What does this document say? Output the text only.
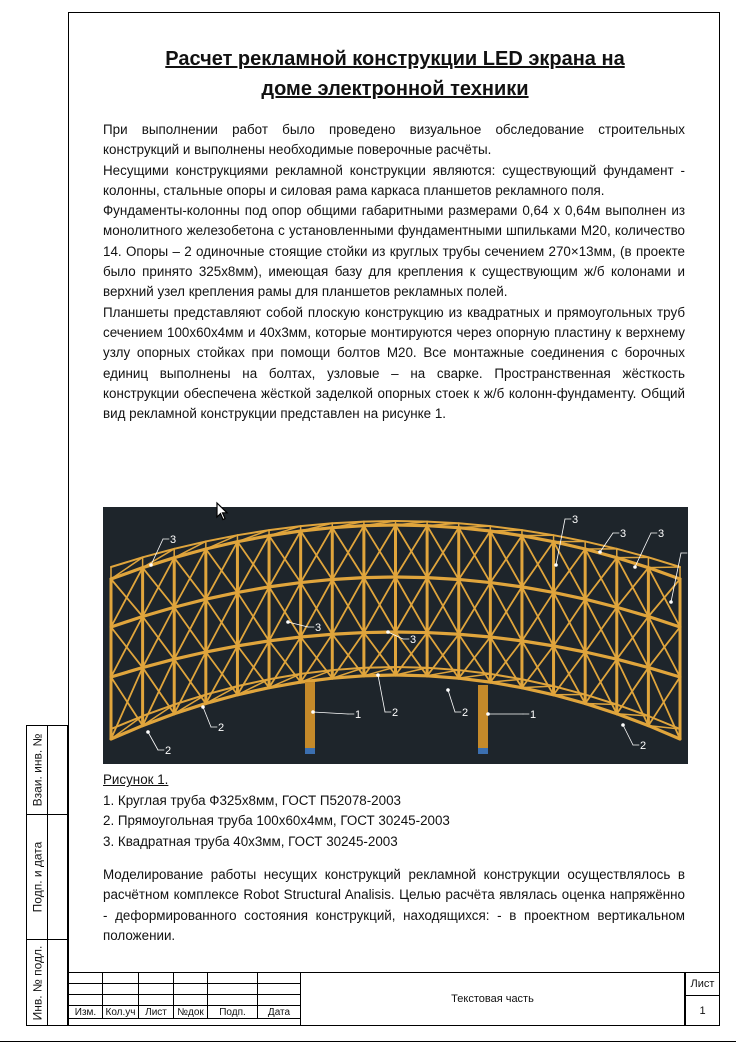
Расчет рекламной конструкции LED экрана на
доме электронной техники

При выполнении работ было проведено визуальное обследование строительных конструкций и выполнены необходимые поверочные расчёты.

Несущими конструкциями рекламной конструкции являются: существующий фундамент - колонны, стальные опоры и силовая рама каркаса планшетов рекламного поля.

Фундаменты-колонны под опор общими габаритными размерами 0,64 х 0,64м выполнен из монолитного железобетона с установленными фундаментными шпильками М20, количество 14. Опоры – 2 одиночные стоящие стойки из круглых трубы сечением 270×13мм, (в проекте было принято 325х8мм), имеющая базу для крепления к существующим ж/б колонами и верхний узел крепления рамы для планшетов рекламных полей.

Планшеты представляют собой плоскую конструкцию из квадратных и прямоугольных труб сечением 100х60х4мм и 40х3мм, которые монтируются через опорную пластину к верхнему узлу опорных стойках при помощи болтов М20. Все монтажные соединения с борочных единиц выполнены на болтах, узловые – на сварке. Пространственная жёсткость конструкции обеспечена жёсткой заделкой опорных стоек к ж/б колонн-фундаменту. Общий вид рекламной конструкции представлен на рисунке 1.

3
3
3
3
3	3
3
1	1
2
2	2
2	2
Рисунок 1.
1. Круглая труба Ф325х8мм, ГОСТ П52078-2003
2. Прямоугольная труба 100х60х4мм, ГОСТ 30245-2003
3. Квадратная труба 40х3мм, ГОСТ 30245-2003
Моделирование работы несущих конструкций рекламной конструкции осуществлялось в расчётном комплексе Robot Structural Analisis. Целью расчёта являлась оценка напряжённо - деформированного состояния конструкций, находящихся: - в проектном вертикальном положении.
Взаи. инв. №
Подп. и дата
Инв. № подл.

						Изм.	Кол.уч	Лист	№док	Подп.	Дата
Текстовая часть
Лист
1
